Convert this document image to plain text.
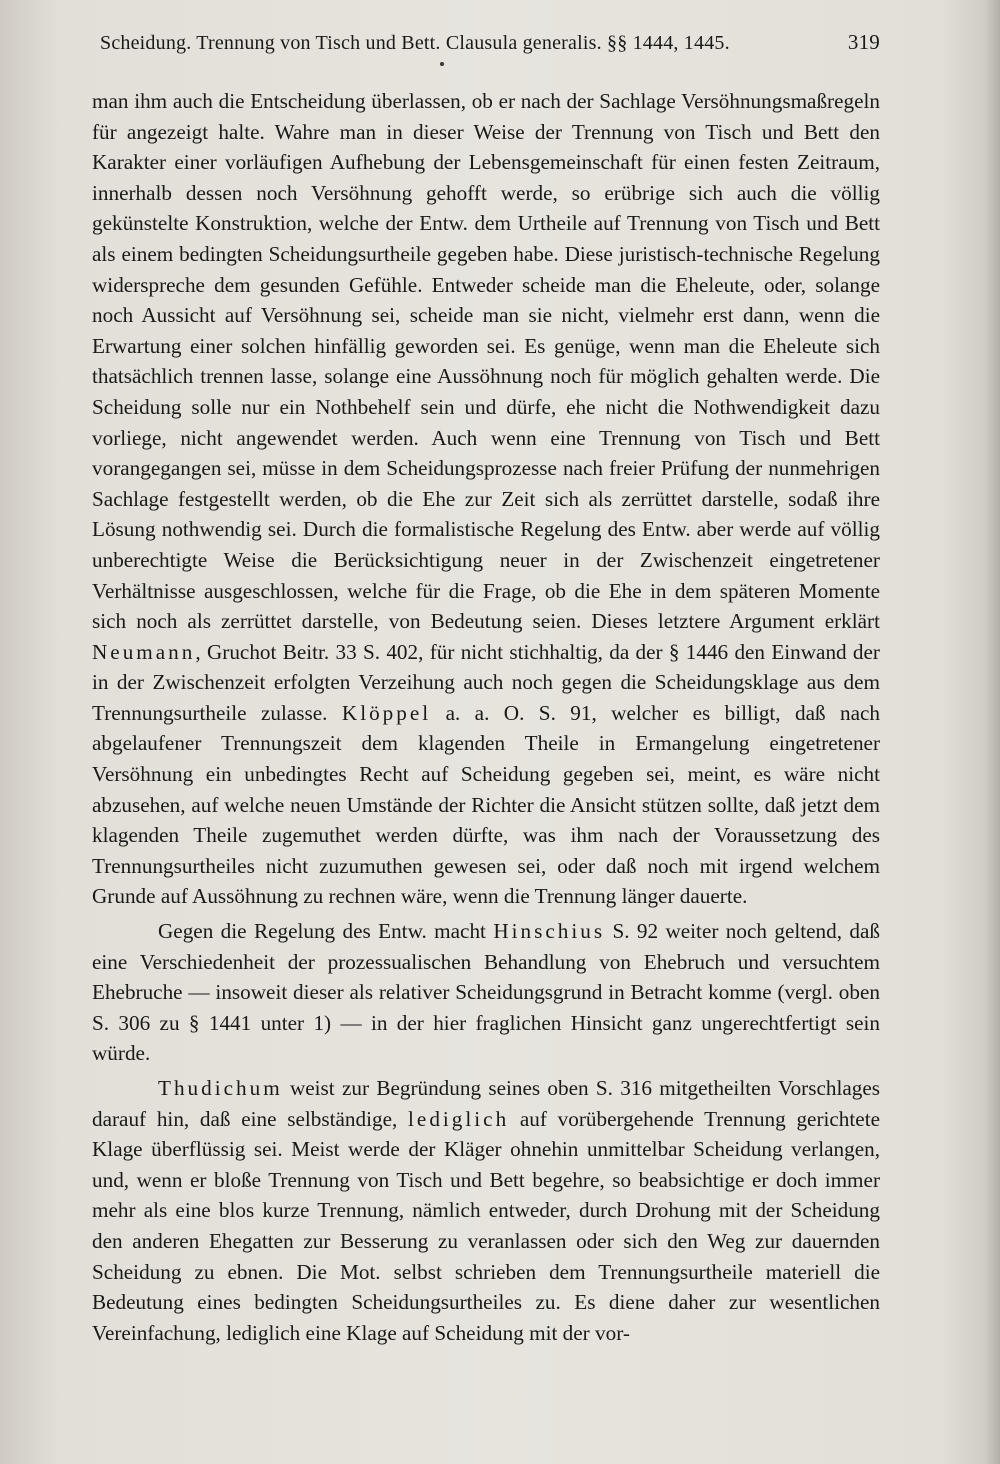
Scheidung. Trennung von Tisch und Bett. Clausula generalis. §§ 1444, 1445.	319

man ihm auch die Entscheidung überlassen, ob er nach der Sachlage Versöhnungsmaßregeln für angezeigt halte. Wahre man in dieser Weise der Trennung von Tisch und Bett den Karakter einer vorläufigen Aufhebung der Lebensgemeinschaft für einen festen Zeitraum, innerhalb dessen noch Versöhnung gehofft werde, so erübrige sich auch die völlig gekünstelte Konstruktion, welche der Entw. dem Urtheile auf Trennung von Tisch und Bett als einem bedingten Scheidungsurtheile gegeben habe. Diese juristisch-technische Regelung widerspreche dem gesunden Gefühle. Entweder scheide man die Eheleute, oder, solange noch Aussicht auf Versöhnung sei, scheide man sie nicht, vielmehr erst dann, wenn die Erwartung einer solchen hinfällig geworden sei. Es genüge, wenn man die Eheleute sich thatsächlich trennen lasse, solange eine Aussöhnung noch für möglich gehalten werde. Die Scheidung solle nur ein Nothbehelf sein und dürfe, ehe nicht die Nothwendigkeit dazu vorliege, nicht angewendet werden. Auch wenn eine Trennung von Tisch und Bett vorangegangen sei, müsse in dem Scheidungsprozesse nach freier Prüfung der nunmehrigen Sachlage festgestellt werden, ob die Ehe zur Zeit sich als zerrüttet darstelle, sodaß ihre Lösung nothwendig sei. Durch die formalistische Regelung des Entw. aber werde auf völlig unberechtigte Weise die Berücksichtigung neuer in der Zwischenzeit eingetretener Verhältnisse ausgeschlossen, welche für die Frage, ob die Ehe in dem späteren Momente sich noch als zerrüttet darstelle, von Bedeutung seien. Dieses letztere Argument erklärt Neumann, Gruchot Beitr. 33 S. 402, für nicht stichhaltig, da der § 1446 den Einwand der in der Zwischenzeit erfolgten Verzeihung auch noch gegen die Scheidungsklage aus dem Trennungsurtheile zulasse. Klöppel a. a. O. S. 91, welcher es billigt, daß nach abgelaufener Trennungszeit dem klagenden Theile in Ermangelung eingetretener Versöhnung ein unbedingtes Recht auf Scheidung gegeben sei, meint, es wäre nicht abzusehen, auf welche neuen Umstände der Richter die Ansicht stützen sollte, daß jetzt dem klagenden Theile zugemuthet werden dürfte, was ihm nach der Voraussetzung des Trennungsurtheiles nicht zuzumuthen gewesen sei, oder daß noch mit irgend welchem Grunde auf Aussöhnung zu rechnen wäre, wenn die Trennung länger dauerte.

Gegen die Regelung des Entw. macht Hinschius S. 92 weiter noch geltend, daß eine Verschiedenheit der prozessualischen Behandlung von Ehebruch und versuchtem Ehebruche — insoweit dieser als relativer Scheidungsgrund in Betracht komme (vergl. oben S. 306 zu § 1441 unter 1) — in der hier fraglichen Hinsicht ganz ungerechtfertigt sein würde.

Thudichum weist zur Begründung seines oben S. 316 mitgetheilten Vorschlages darauf hin, daß eine selbständige, lediglich auf vorübergehende Trennung gerichtete Klage überflüssig sei. Meist werde der Kläger ohnehin unmittelbar Scheidung verlangen, und, wenn er bloße Trennung von Tisch und Bett begehre, so beabsichtige er doch immer mehr als eine blos kurze Trennung, nämlich entweder, durch Drohung mit der Scheidung den anderen Ehegatten zur Besserung zu veranlassen oder sich den Weg zur dauernden Scheidung zu ebnen. Die Mot. selbst schrieben dem Trennungsurtheile materiell die Bedeutung eines bedingten Scheidungsurtheiles zu. Es diene daher zur wesentlichen Vereinfachung, lediglich eine Klage auf Scheidung mit der vor-
